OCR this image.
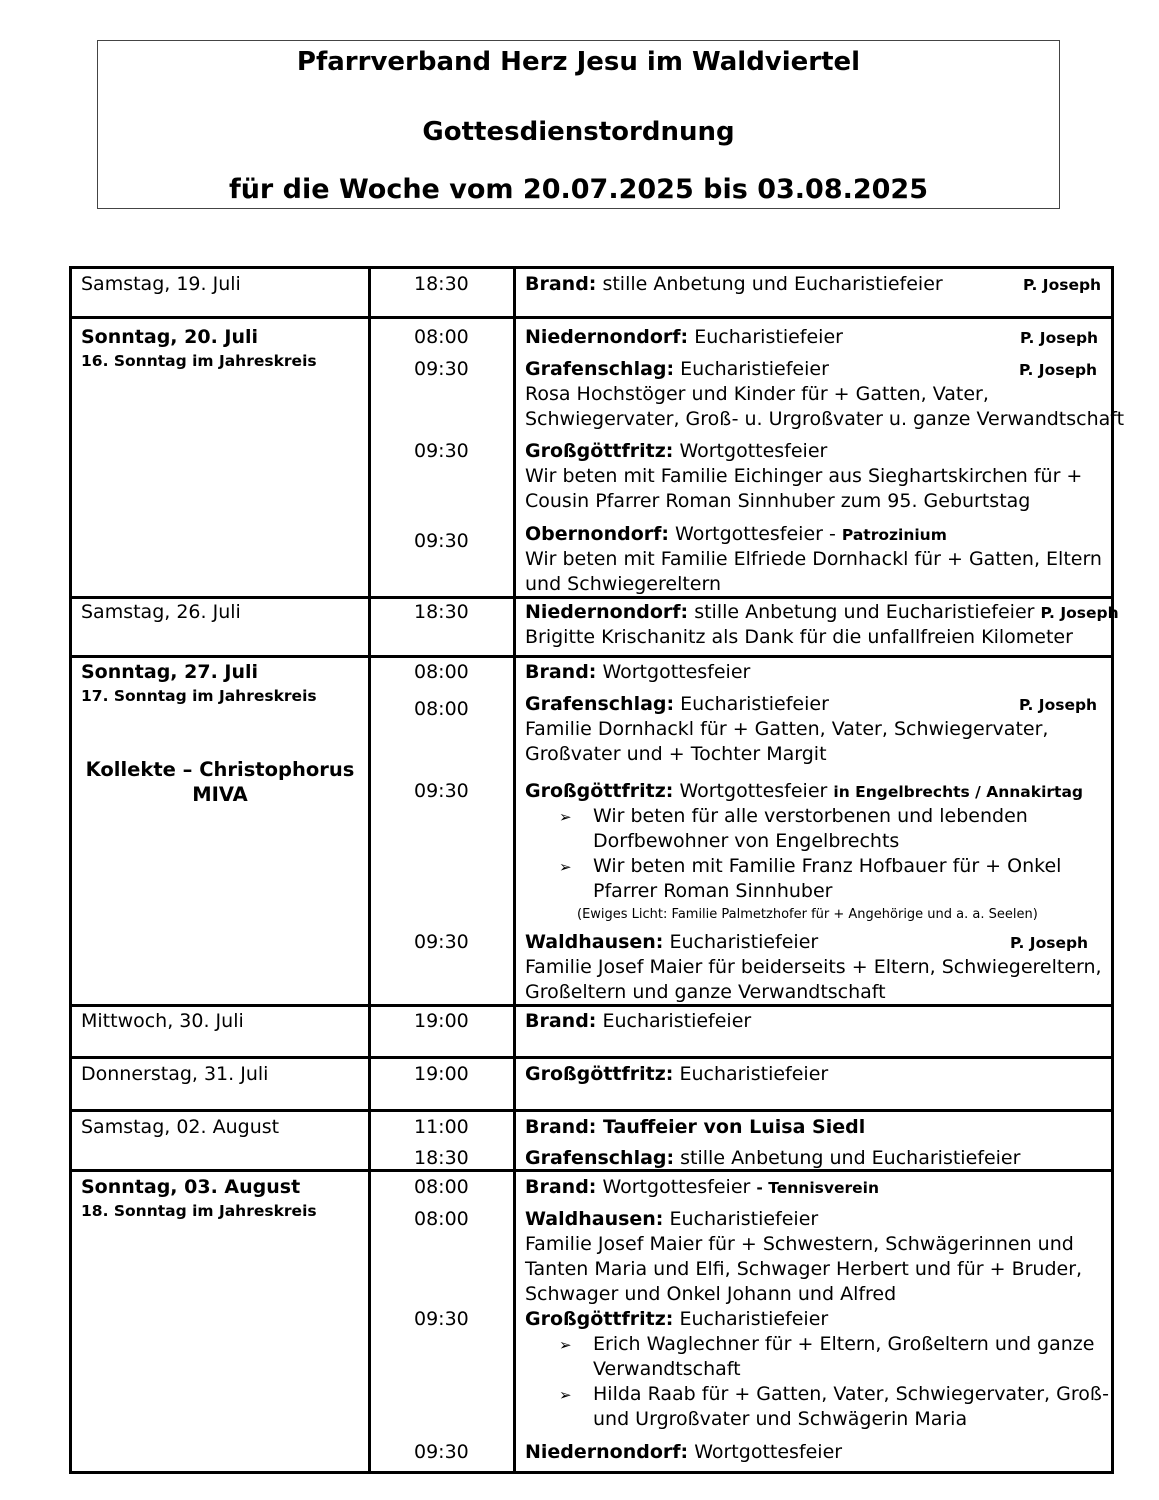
Pfarrverband Herz Jesu im Waldviertel
Gottesdienstordnung
für die Woche vom 20.07.2025 bis 03.08.2025
Samstag, 19. Juli	18:30	Brand: stille Anbetung und Eucharistiefeier	P. Joseph
Sonntag, 20. Juli
16. Sonntag im Jahreskreis
08:00	Niedernondorf: Eucharistiefeier	P. Joseph
09:30	Grafenschlag: Eucharistiefeier	P. Joseph
Rosa Hochstöger und Kinder für + Gatten, Vater,
Schwiegervater, Groß- u. Urgroßvater u. ganze Verwandtschaft
09:30	Großgöttfritz: Wortgottesfeier
Wir beten mit Familie Eichinger aus Sieghartskirchen für +
Cousin Pfarrer Roman Sinnhuber zum 95. Geburtstag
09:30	Obernondorf: Wortgottesfeier - Patrozinium
Wir beten mit Familie Elfriede Dornhackl für + Gatten, Eltern
und Schwiegereltern
Samstag, 26. Juli	18:30	Niedernondorf: stille Anbetung und Eucharistiefeier P. Joseph
Brigitte Krischanitz als Dank für die unfallfreien Kilometer
Sonntag, 27. Juli
17. Sonntag im Jahreskreis
Kollekte – Christophorus
MIVA
08:00	Brand: Wortgottesfeier
08:00	Grafenschlag: Eucharistiefeier	P. Joseph
Familie Dornhackl für + Gatten, Vater, Schwiegervater,
Großvater und + Tochter Margit
09:30	Großgöttfritz: Wortgottesfeier in Engelbrechts / Annakirtag
➢ Wir beten für alle verstorbenen und lebenden
Dorfbewohner von Engelbrechts
➢ Wir beten mit Familie Franz Hofbauer für + Onkel
Pfarrer Roman Sinnhuber
(Ewiges Licht: Familie Palmetzhofer für + Angehörige und a. a. Seelen)
09:30	Waldhausen: Eucharistiefeier	P. Joseph
Familie Josef Maier für beiderseits + Eltern, Schwiegereltern,
Großeltern und ganze Verwandtschaft
Mittwoch, 30. Juli	19:00	Brand: Eucharistiefeier
Donnerstag, 31. Juli	19:00	Großgöttfritz: Eucharistiefeier
Samstag, 02. August	11:00	Brand: Tauffeier von Luisa Siedl
18:30	Grafenschlag: stille Anbetung und Eucharistiefeier
Sonntag, 03. August
18. Sonntag im Jahreskreis
08:00	Brand: Wortgottesfeier - Tennisverein
08:00	Waldhausen: Eucharistiefeier
Familie Josef Maier für + Schwestern, Schwägerinnen und
Tanten Maria und Elfi, Schwager Herbert und für + Bruder,
Schwager und Onkel Johann und Alfred
09:30	Großgöttfritz: Eucharistiefeier
➢ Erich Waglechner für + Eltern, Großeltern und ganze
Verwandtschaft
➢ Hilda Raab für + Gatten, Vater, Schwiegervater, Groß-
und Urgroßvater und Schwägerin Maria
09:30	Niedernondorf: Wortgottesfeier
